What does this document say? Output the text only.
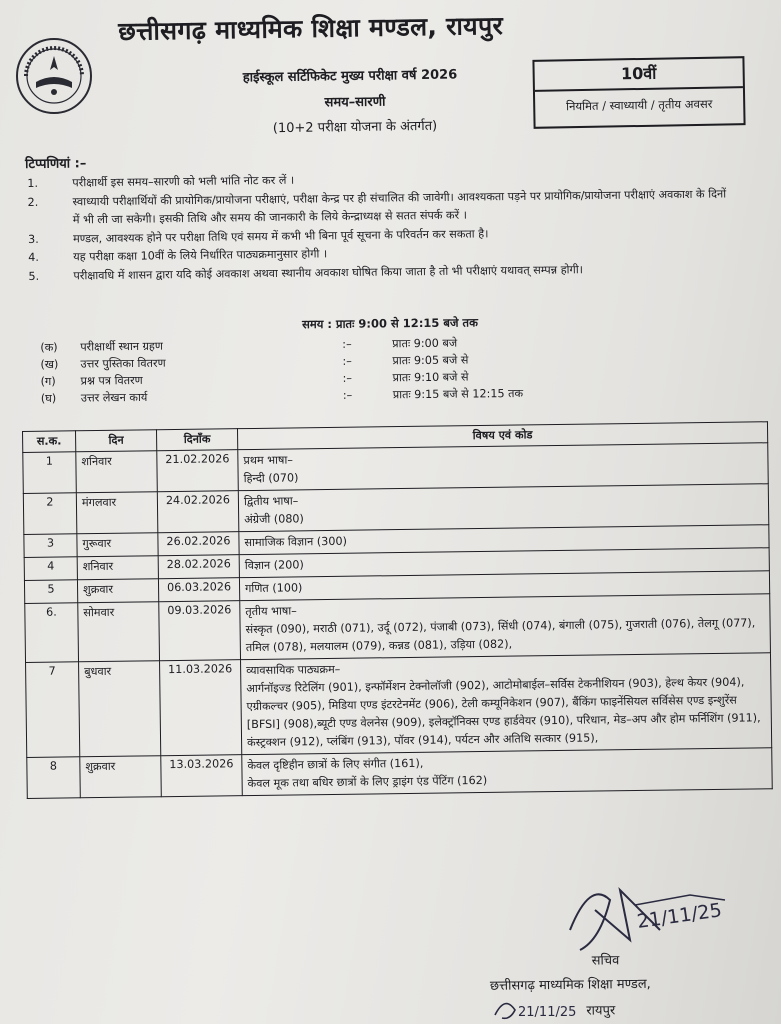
छत्तीसगढ़ माध्यमिक शिक्षा मण्डल, रायपुर
हाईस्कूल सर्टिफिकेट मुख्य परीक्षा वर्ष 2026
समय–सारणी
(10+2 परीक्षा योजना के अंतर्गत)
10वीं
नियमित / स्वाध्यायी / तृतीय अवसर
टिप्पणियां :–
1.	परीक्षार्थी इस समय–सारणी को भली भांति नोट कर लें ।
2.	स्वाध्यायी परीक्षार्थियों की प्रायोगिक/प्रायोजना परीक्षाएं, परीक्षा केन्द्र पर ही संचालित की जावेगी। आवश्यकता पड़ने पर प्रायोगिक/प्रायोजना परीक्षाएं अवकाश के दिनों में भी ली जा सकेगी। इसकी तिथि और समय की जानकारी के लिये केन्द्राध्यक्ष से सतत संपर्क करें ।
3.	मण्डल, आवश्यक होने पर परीक्षा तिथि एवं समय में कभी भी बिना पूर्व सूचना के परिवर्तन कर सकता है।
4.	यह परीक्षा कक्षा 10वीं के लिये निर्धारित पाठ्यक्रमानुसार होगी ।
5.	परीक्षावधि में शासन द्वारा यदि कोई अवकाश अथवा स्थानीय अवकाश घोषित किया जाता है तो भी परीक्षाएं यथावत् सम्पन्न होगी।
समय : प्रातः 9:00 से 12:15 बजे तक
(क)	परीक्षार्थी स्थान ग्रहण	:–	प्रातः 9:00 बजे
(ख)	उत्तर पुस्तिका वितरण	:–	प्रातः 9:05 बजे से
(ग)	प्रश्न पत्र वितरण	:–	प्रातः 9:10 बजे से
(घ)	उत्तर लेखन कार्य	:–	प्रातः 9:15 बजे से 12:15 तक
स.क.	दिन	दिनाँक	विषय एवं कोड
1	शनिवार	21.02.2026	प्रथम भाषा–
हिन्दी (070)

2	मंगलवार	24.02.2026	द्वितीय भाषा–
अंग्रेजी (080)

3	गुरूवार	26.02.2026	सामाजिक विज्ञान (300)

4	शनिवार	28.02.2026	विज्ञान (200)

5	शुक्रवार	06.03.2026	गणित (100)

6.	सोमवार	09.03.2026	तृतीय भाषा–
संस्कृत (090), मराठी (071), उर्दू (072), पंजाबी (073), सिंधी (074), बंगाली (075), गुजराती (076), तेलगू (077), तमिल (078), मलयालम (079), कन्नड (081), उड़िया (082),

7	बुधवार	11.03.2026	व्यावसायिक पाठ्यक्रम–
आर्गनॉइज्ड रिटेलिंग (901), इन्फॉर्मेशन टेक्नोलॉजी (902), आटोमोबाईल–सर्विस टेकनीशियन (903), हेल्थ केयर (904), एग्रीकल्चर (905), मिडिया एण्ड इंटरटेनमेंट (906), टेली कम्यूनिकेशन (907), बैंकिंग फाइनेंसियल सर्विसेस एण्ड इन्शुरेंस [BFSI] (908),ब्यूटी एण्ड वेलनेस (909), इलेक्ट्रॉनिक्स एण्ड हार्डवेयर (910), परिधान, मेड–अप और होम फर्निशिंग (911), कंस्ट्रक्शन (912), प्लंबिंग (913), पॉवर (914), पर्यटन और अतिथि सत्कार (915),

8	शुक्रवार	13.03.2026	केवल दृष्टिहीन छात्रों के लिए संगीत (161),
केवल मूक तथा बधिर छात्रों के लिए ड्राइंग एंड पेंटिंग (162)
21/11/25
सचिव
छत्तीसगढ़ माध्यमिक शिक्षा मण्डल,
रायपुर
21/11/25
